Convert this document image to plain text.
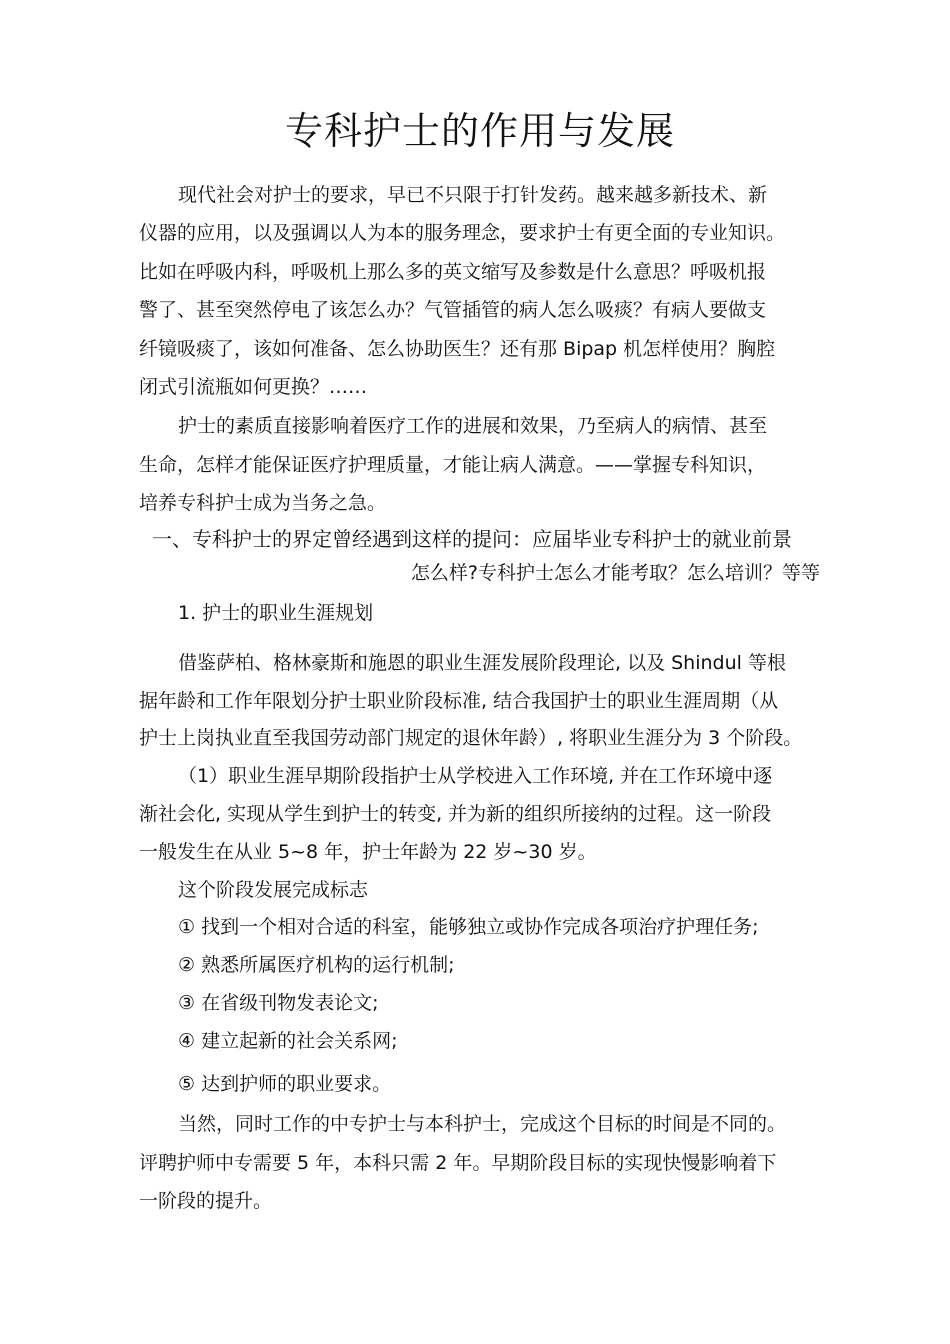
专科护士的作用与发展
现代社会对护士的要求，早已不只限于打针发药。越来越多新技术、新
仪器的应用，以及强调以人为本的服务理念，要求护士有更全面的专业知识。
比如在呼吸内科，呼吸机上那么多的英文缩写及参数是什么意思？呼吸机报
警了、甚至突然停电了该怎么办？气管插管的病人怎么吸痰？有病人要做支
纤镜吸痰了，该如何准备、怎么协助医生？还有那 Bipap 机怎样使用？胸腔
闭式引流瓶如何更换？……
护士的素质直接影响着医疗工作的进展和效果，乃至病人的病情、甚至
生命，怎样才能保证医疗护理质量，才能让病人满意。——掌握专科知识，
培养专科护士成为当务之急。
一、专科护士的界定曾经遇到这样的提问：应届毕业专科护士的就业前景
怎么样?专科护士怎么才能考取？怎么培训？等等
1. 护士的职业生涯规划
借鉴萨柏、格林豪斯和施恩的职业生涯发展阶段理论, 以及 Shindul 等根
据年龄和工作年限划分护士职业阶段标准, 结合我国护士的职业生涯周期（从
护士上岗执业直至我国劳动部门规定的退休年龄）, 将职业生涯分为 3 个阶段。
（1）职业生涯早期阶段指护士从学校进入工作环境, 并在工作环境中逐
渐社会化, 实现从学生到护士的转变, 并为新的组织所接纳的过程。这一阶段
一般发生在从业 5~8 年，护士年龄为 22 岁~30 岁。
这个阶段发展完成标志
① 找到一个相对合适的科室，能够独立或协作完成各项治疗护理任务;
② 熟悉所属医疗机构的运行机制;
③ 在省级刊物发表论文;
④ 建立起新的社会关系网;
⑤ 达到护师的职业要求。
当然，同时工作的中专护士与本科护士，完成这个目标的时间是不同的。
评聘护师中专需要 5 年，本科只需 2 年。早期阶段目标的实现快慢影响着下
一阶段的提升。
